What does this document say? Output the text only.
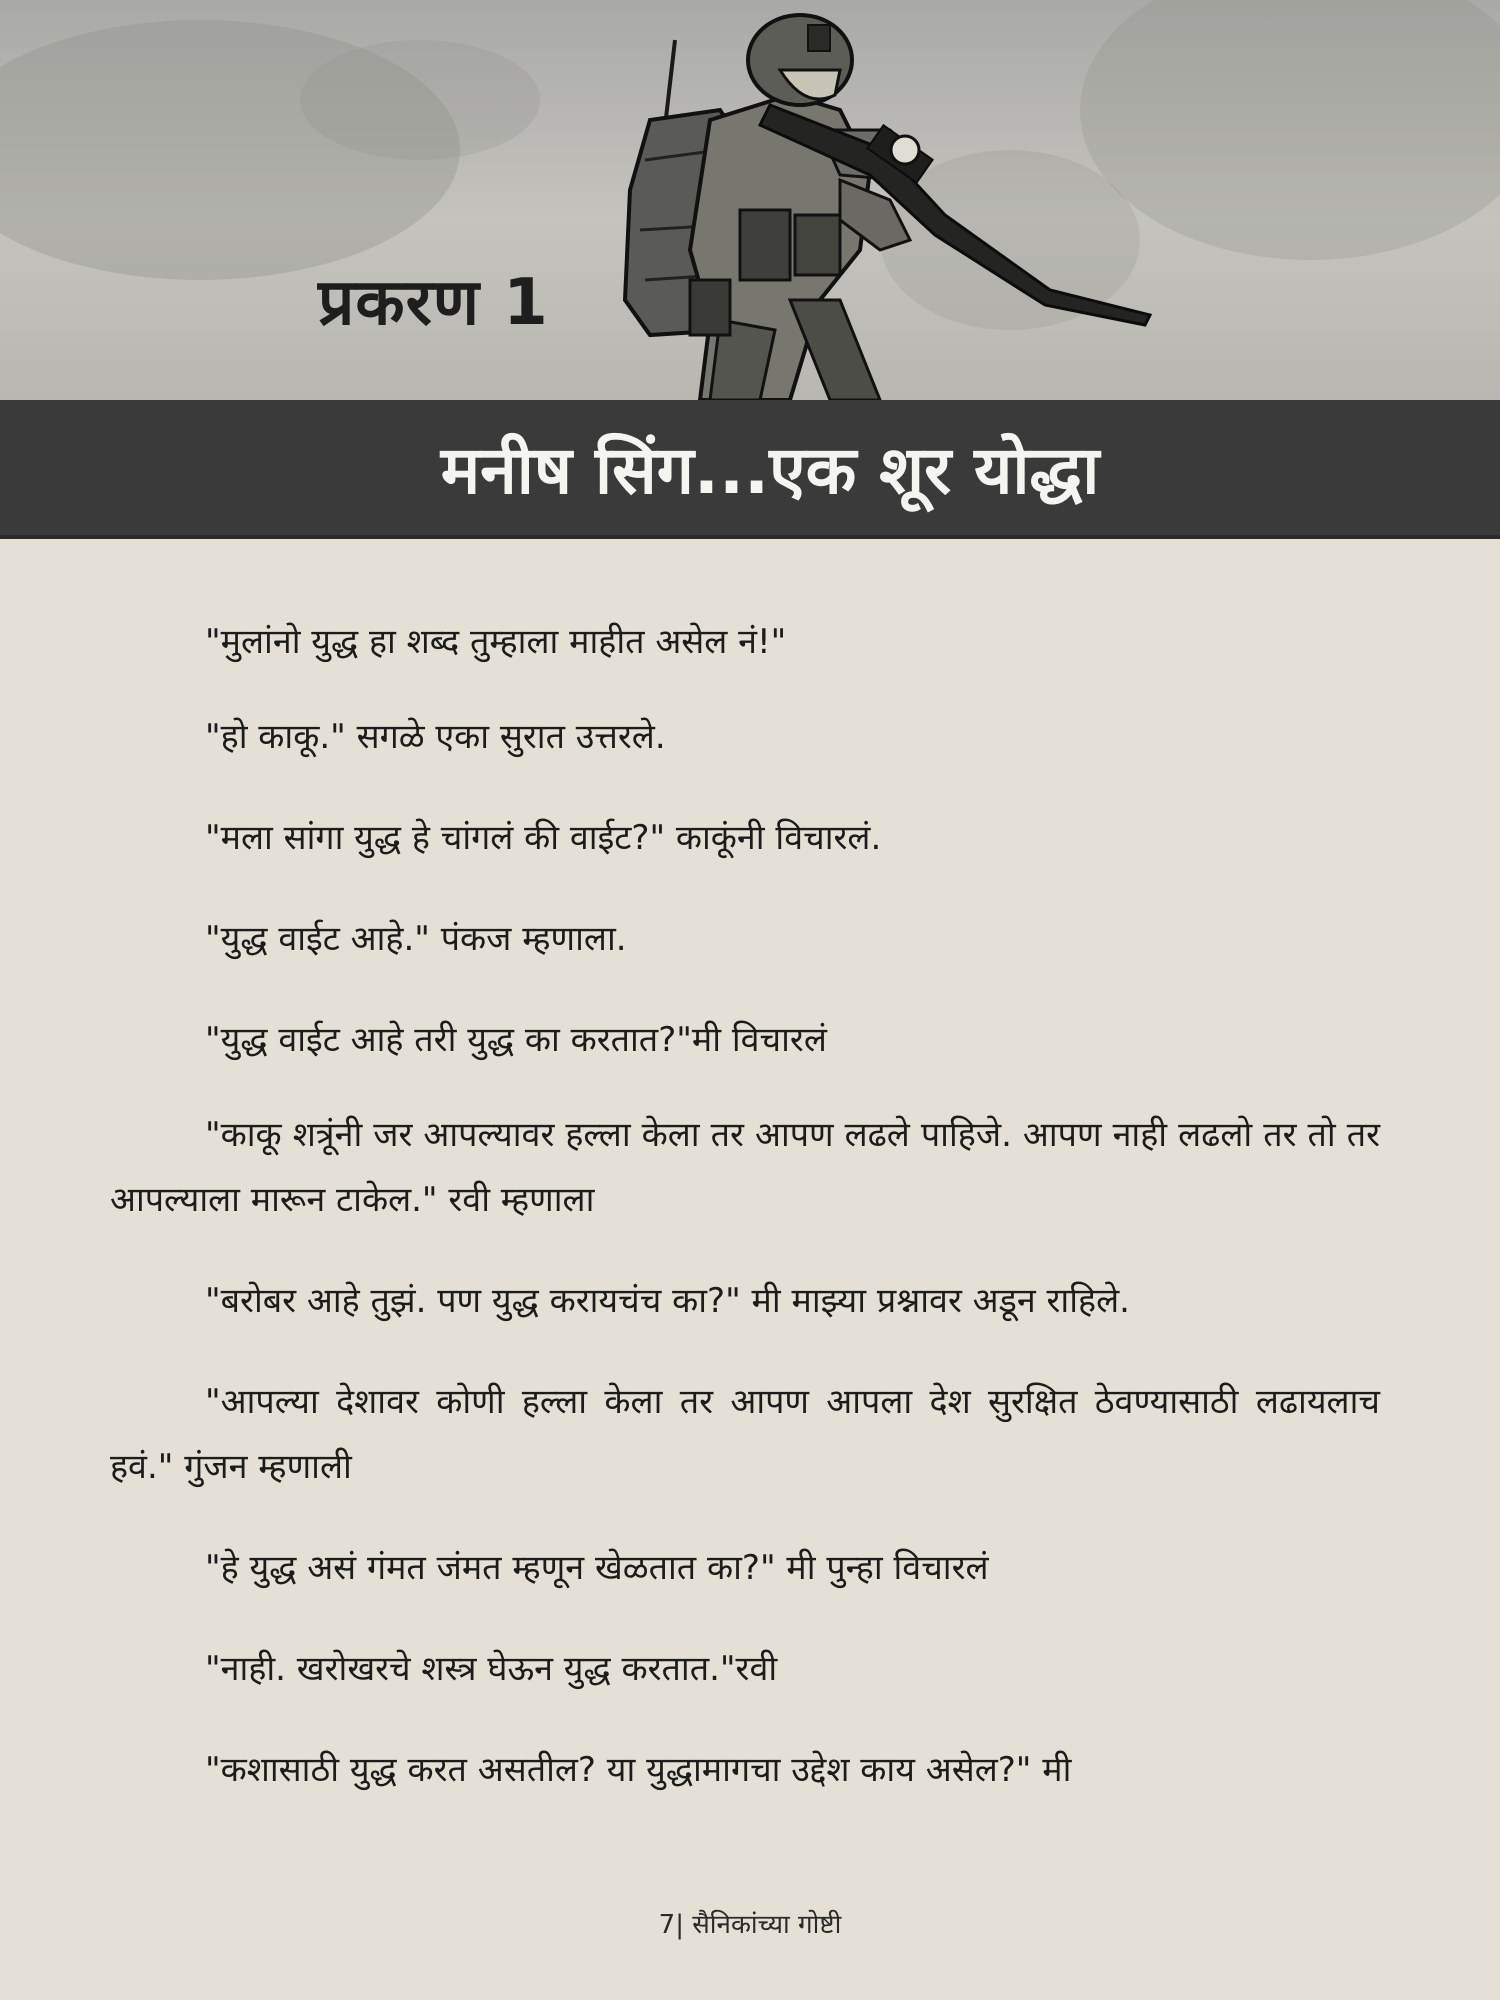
प्रकरण 1
मनीष सिंग...एक शूर योद्धा

"मुलांनो युद्ध हा शब्द तुम्हाला माहीत असेल नं!"

"हो काकू." सगळे एका सुरात उत्तरले.

"मला सांगा युद्ध हे चांगलं की वाईट?" काकूंनी विचारलं.

"युद्ध वाईट आहे." पंकज म्हणाला.

"युद्ध वाईट आहे तरी युद्ध का करतात?"मी विचारलं

"काकू शत्रूंनी जर आपल्यावर हल्ला केला तर आपण लढले पाहिजे. आपण नाही लढलो तर तो तर आपल्याला मारून टाकेल." रवी म्हणाला

"बरोबर आहे तुझं. पण युद्ध करायचंच का?" मी माझ्या प्रश्नावर अडून राहिले.

"आपल्या देशावर कोणी हल्ला केला तर आपण आपला देश सुरक्षित ठेवण्यासाठी लढायलाच हवं." गुंजन म्हणाली

"हे युद्ध असं गंमत जंमत म्हणून खेळतात का?" मी पुन्हा विचारलं

"नाही. खरोखरचे शस्त्र घेऊन युद्ध करतात."रवी

"कशासाठी युद्ध करत असतील? या युद्धामागचा उद्देश काय असेल?" मी

7| सैनिकांच्या गोष्टी
